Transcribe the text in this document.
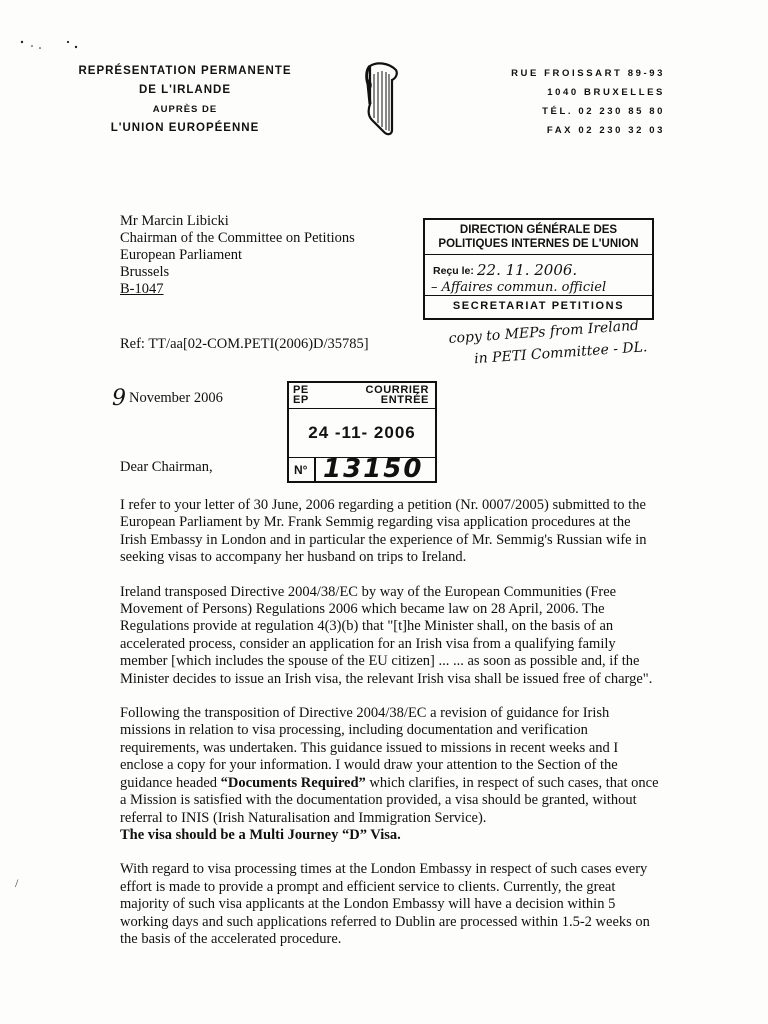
REPRÉSENTATION PERMANENTE
DE L'IRLANDE
AUPRÈS DE
L'UNION EUROPÉENNE
RUE FROISSART 89-93
1040 BRUXELLES
TÉL. 02 230 85 80
FAX 02 230 32 03
Mr Marcin Libicki
Chairman of the Committee on Petitions
European Parliament
Brussels
B-1047
DIRECTION GÉNÉRALE DES
POLITIQUES INTERNES DE L'UNION
Reçu le: 22. 11. 2006.
– Affaires commun. officiel
SECRETARIAT PETITIONS
Ref: TT/aa[02-COM.PETI(2006)D/35785]	copy to MEPs from Ireland
in PETI Committee - DL.
9 November 2006	PE	COURRIER
EP	ENTRÉE
24 -11- 2006
N° 13150
Dear Chairman,

I refer to your letter of 30 June, 2006 regarding a petition (Nr. 0007/2005) submitted to the European Parliament by Mr. Frank Semmig regarding visa application procedures at the Irish Embassy in London and in particular the experience of Mr. Semmig's Russian wife in seeking visas to accompany her husband on trips to Ireland.

Ireland transposed Directive 2004/38/EC by way of the European Communities (Free Movement of Persons) Regulations 2006 which became law on 28 April, 2006. The Regulations provide at regulation 4(3)(b) that "[t]he Minister shall, on the basis of an accelerated process, consider an application for an Irish visa from a qualifying family member [which includes the spouse of the EU citizen] ... ... as soon as possible and, if the Minister decides to issue an Irish visa, the relevant Irish visa shall be issued free of charge".

Following the transposition of Directive 2004/38/EC a revision of guidance for Irish missions in relation to visa processing, including documentation and verification requirements, was undertaken. This guidance issued to missions in recent weeks and I enclose a copy for your information. I would draw your attention to the Section of the guidance headed “Documents Required” which clarifies, in respect of such cases, that once a Mission is satisfied with the documentation provided, a visa should be granted, without referral to INIS (Irish Naturalisation and Immigration Service).
The visa should be a Multi Journey “D” Visa.

With regard to visa processing times at the London Embassy in respect of such cases every effort is made to provide a prompt and efficient service to clients. Currently, the great majority of such visa applicants at the London Embassy will have a decision within 5 working days and such applications referred to Dublin are processed within 1.5-2 weeks on the basis of the accelerated procedure.

/
